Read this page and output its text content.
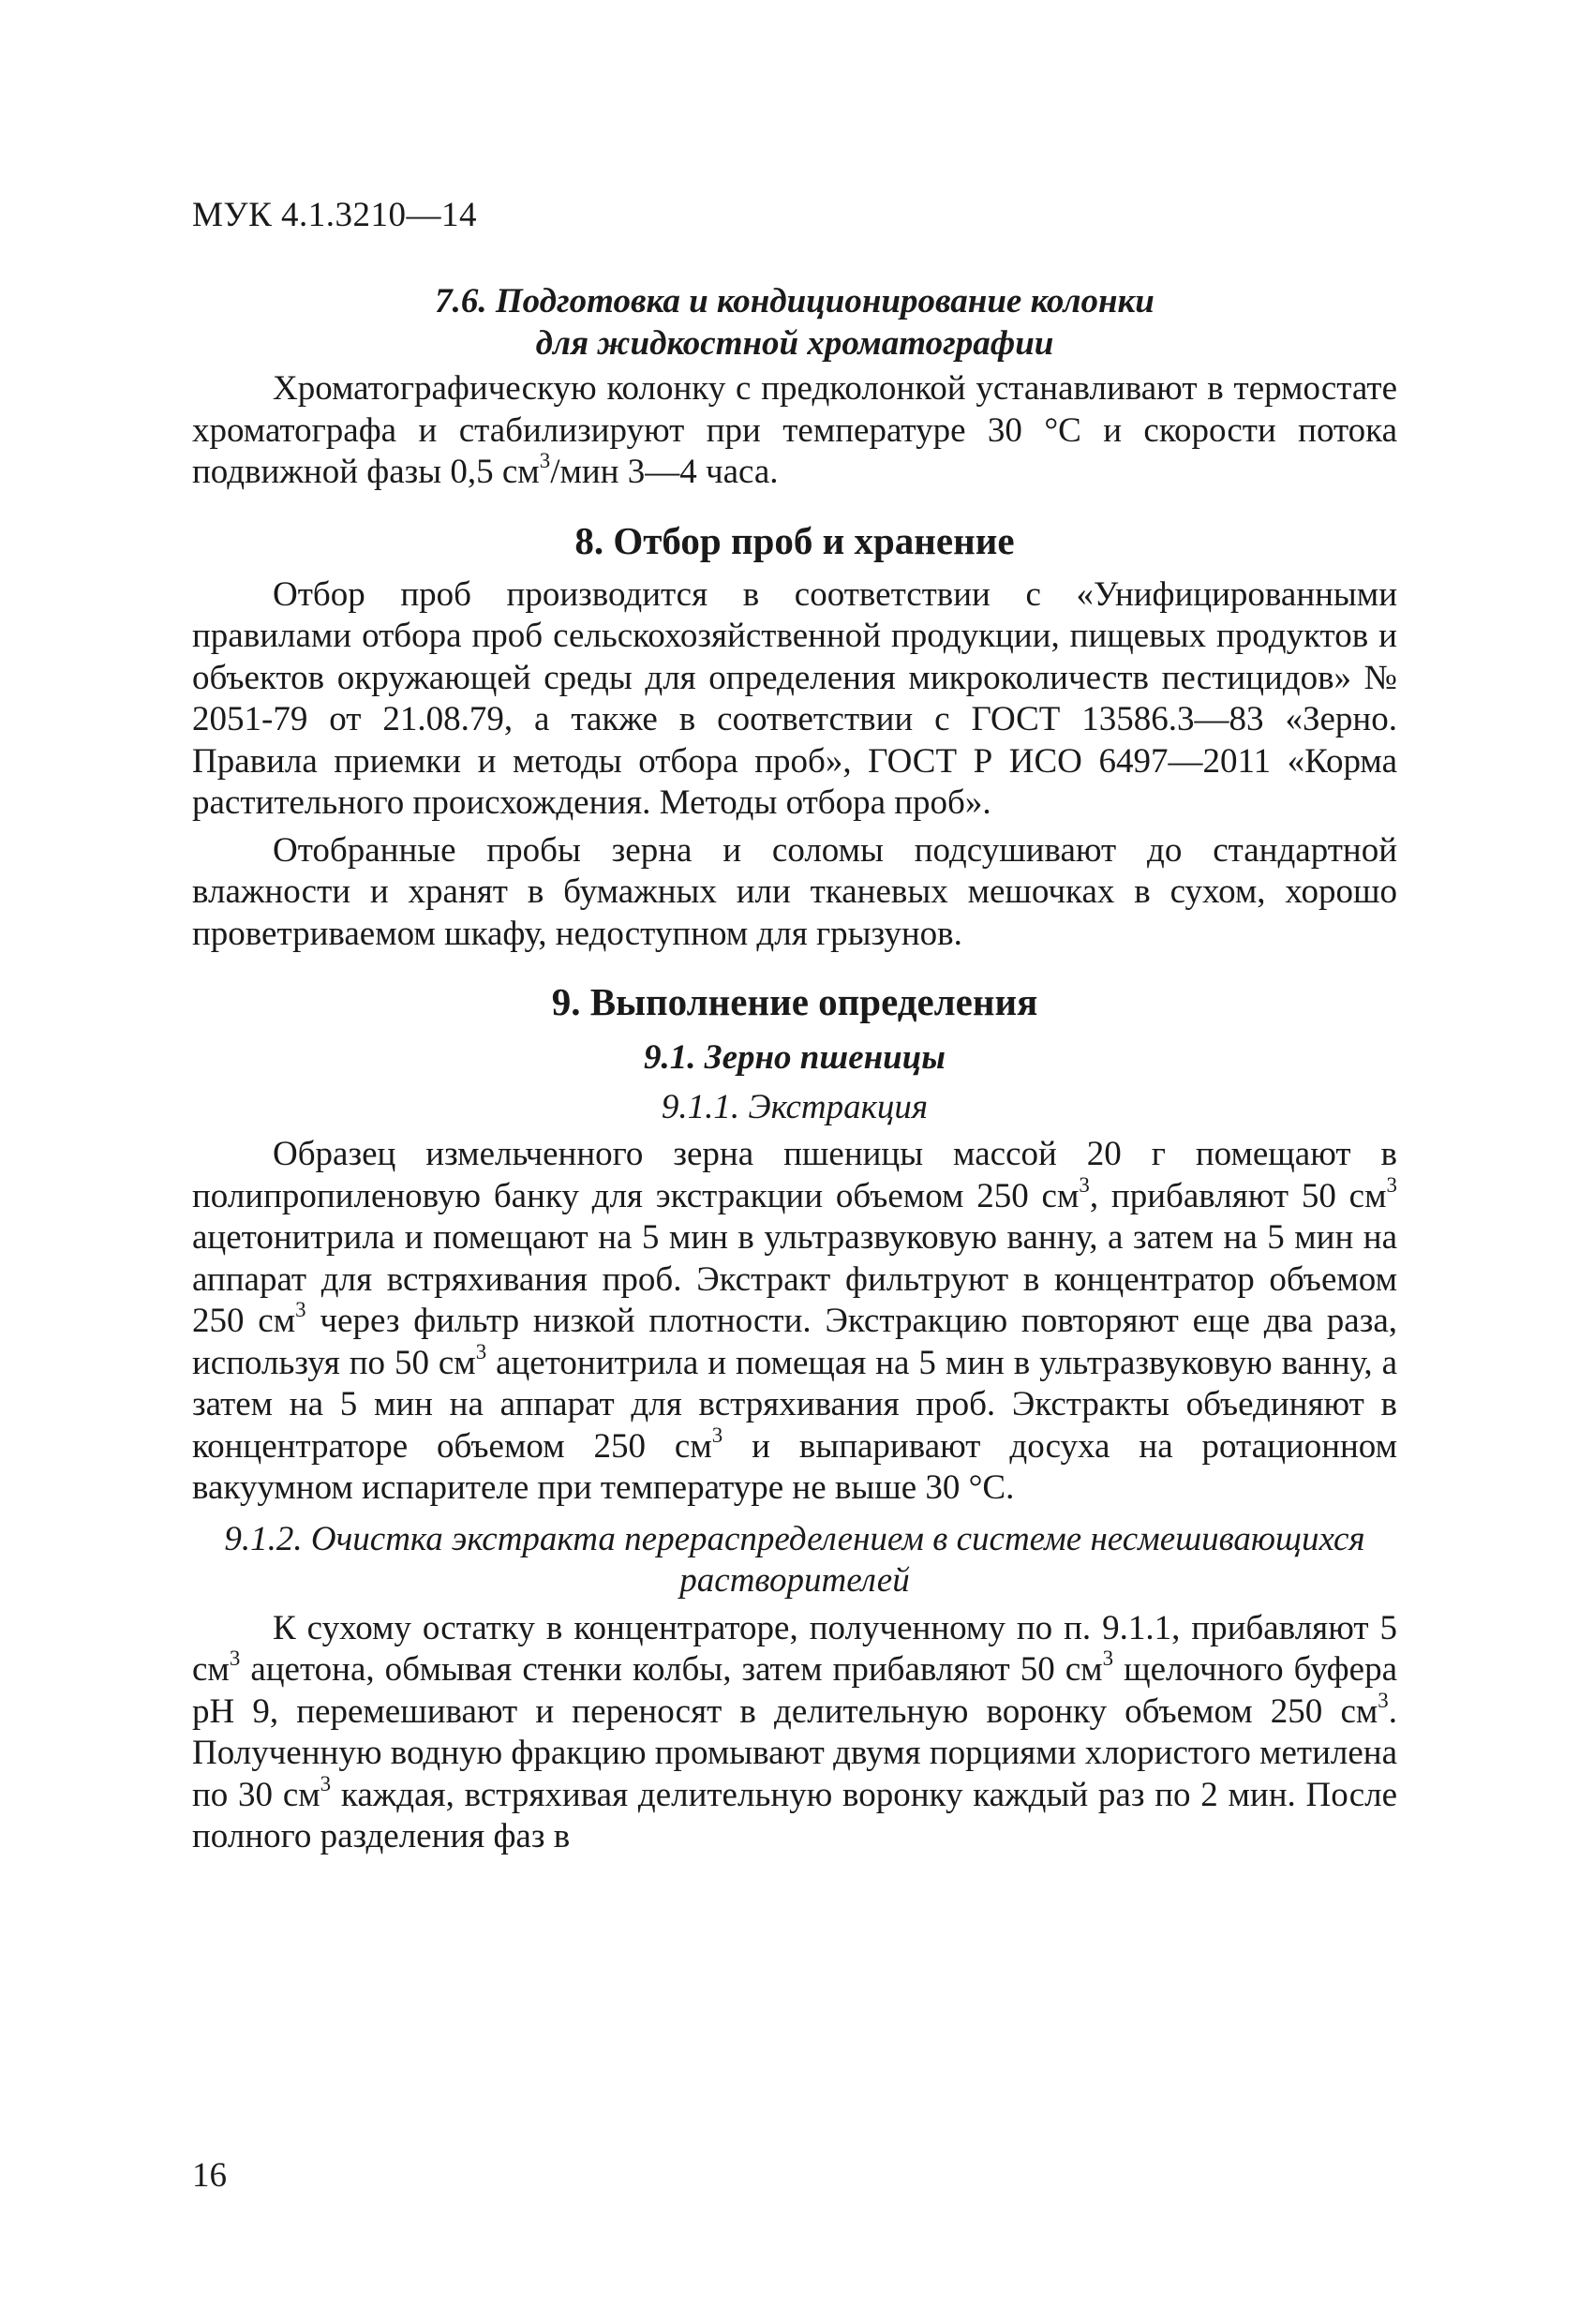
МУК 4.1.3210—14

7.6. Подготовка и кондиционирование колонки

для жидкостной хроматографии

Хроматографическую колонку с предколонкой устанавливают в термостате хроматографа и стабилизируют при температуре 30 °С и скорости потока подвижной фазы 0,5 $см^3$/мин 3—4 часа.

8. Отбор проб и хранение

Отбор проб производится в соответствии с «Унифицированными правилами отбора проб сельскохозяйственной продукции, пищевых продуктов и объектов окружающей среды для определения микроколичеств пестицидов» № 2051-79 от 21.08.79, а также в соответствии с ГОСТ 13586.3—83 «Зерно. Правила приемки и методы отбора проб», ГОСТ Р ИСО 6497—2011 «Корма растительного происхождения. Методы отбора проб».

Отобранные пробы зерна и соломы подсушивают до стандартной влажности и хранят в бумажных или тканевых мешочках в сухом, хорошо проветриваемом шкафу, недоступном для грызунов.

9. Выполнение определения

9.1. Зерно пшеницы

9.1.1. Экстракция

Образец измельченного зерна пшеницы массой 20 г помещают в полипропиленовую банку для экстракции объемом 250 $см^3$, прибавляют 50 $см^3$ ацетонитрила и помещают на 5 мин в ультразвуковую ванну, а затем на 5 мин на аппарат для встряхивания проб. Экстракт фильтруют в концентратор объемом 250 $см^3$ через фильтр низкой плотности. Экстракцию повторяют еще два раза, используя по 50 $см^3$ ацетонитрила и помещая на 5 мин в ультразвуковую ванну, а затем на 5 мин на аппарат для встряхивания проб. Экстракты объединяют в концентраторе объемом 250 $см^3$ и выпаривают досуха на ротационном вакуумном испарителе при температуре не выше 30 °С.

9.1.2. Очистка экстракта перераспределением в системе несмешивающихся растворителей

К сухому остатку в концентраторе, полученному по п. 9.1.1, прибавляют 5 $см^3$ ацетона, обмывая стенки колбы, затем прибавляют 50 $см^3$ щелочного буфера рН 9, перемешивают и переносят в делительную воронку объемом 250 $см^3$. Полученную водную фракцию промывают двумя порциями хлористого метилена по 30 $см^3$ каждая, встряхивая делительную воронку каждый раз по 2 мин. После полного разделения фаз в

16
